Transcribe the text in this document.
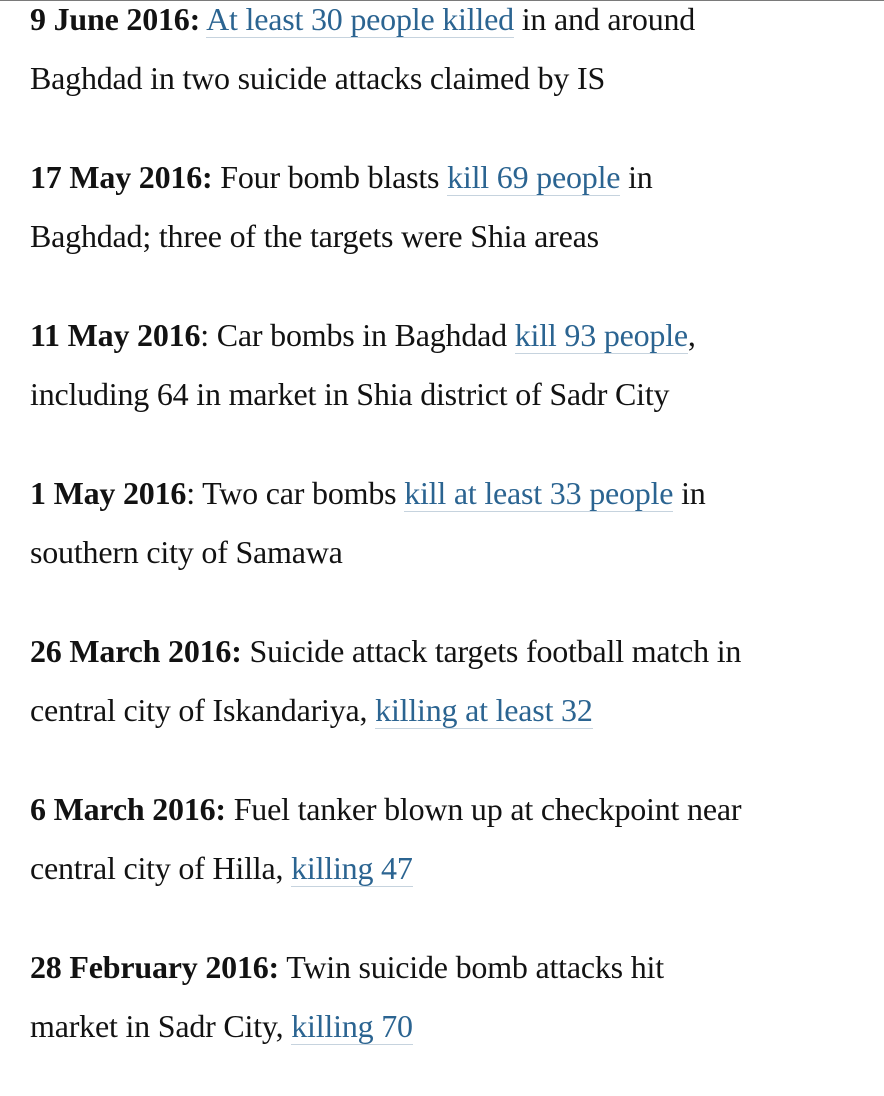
9 June 2016: At least 30 people killed in and around
Baghdad in two suicide attacks claimed by IS

17 May 2016: Four bomb blasts kill 69 people in
Baghdad; three of the targets were Shia areas

11 May 2016: Car bombs in Baghdad kill 93 people,
including 64 in market in Shia district of Sadr City

1 May 2016: Two car bombs kill at least 33 people in
southern city of Samawa

26 March 2016: Suicide attack targets football match in
central city of Iskandariya, killing at least 32

6 March 2016: Fuel tanker blown up at checkpoint near
central city of Hilla, killing 47

28 February 2016: Twin suicide bomb attacks hit
market in Sadr City, killing 70
